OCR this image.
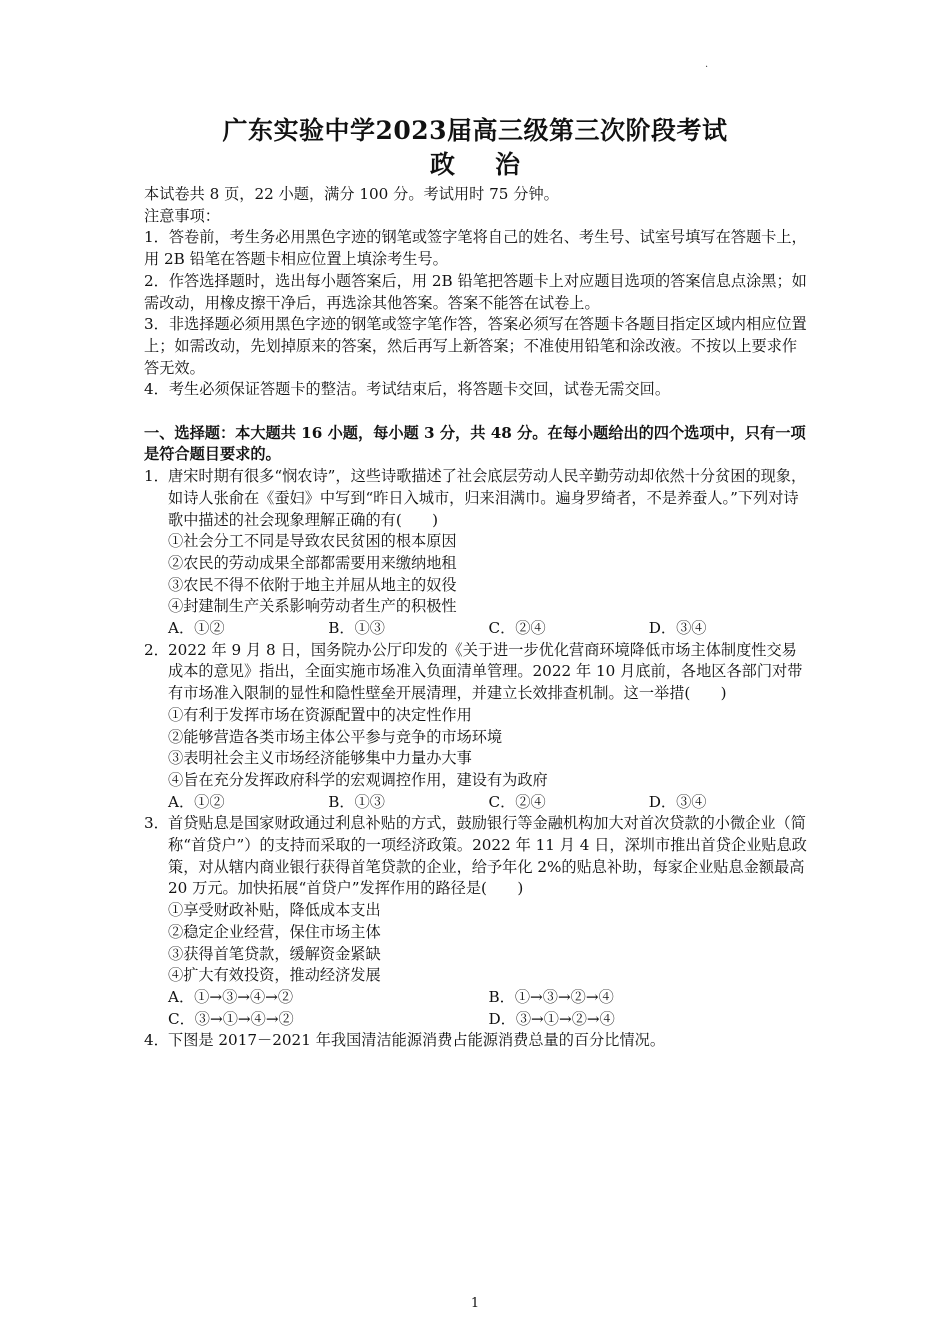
·
广东实验中学2023届高三级第三次阶段考试
政 治

本试卷共 8 页，22 小题，满分 100 分。考试用时 75 分钟。

注意事项：

1．答卷前，考生务必用黑色字迹的钢笔或签字笔将自己的姓名、考生号、试室号填写在答题卡上，用 2B 铅笔在答题卡相应位置上填涂考生号。

2．作答选择题时，选出每小题答案后，用 2B 铅笔把答题卡上对应题目选项的答案信息点涂黑；如需改动，用橡皮擦干净后，再选涂其他答案。答案不能答在试卷上。

3．非选择题必须用黑色字迹的钢笔或签字笔作答，答案必须写在答题卡各题目指定区域内相应位置上；如需改动，先划掉原来的答案，然后再写上新答案；不准使用铅笔和涂改液。不按以上要求作答无效。

4．考生必须保证答题卡的整洁。考试结束后，将答题卡交回，试卷无需交回。

一、选择题：本大题共 16 小题，每小题 3 分，共 48 分。在每小题给出的四个选项中，只有一项是符合题目要求的。

1． 唐宋时期有很多“悯农诗”，这些诗歌描述了社会底层劳动人民辛勤劳动却依然十分贫困的现象，如诗人张俞在《蚕妇》中写到“昨日入城市，归来泪满巾。遍身罗绮者，不是养蚕人。”下列对诗歌中描述的社会现象理解正确的有(　　)

①社会分工不同是导致农民贫困的根本原因

②农民的劳动成果全部都需要用来缴纳地租

③农民不得不依附于地主并屈从地主的奴役

④封建制生产关系影响劳动者生产的积极性

A．①②	B．①③	C．②④	D．③④
2． 2022 年 9 月 8 日，国务院办公厅印发的《关于进一步优化营商环境降低市场主体制度性交易成本的意见》指出，全面实施市场准入负面清单管理。2022 年 10 月底前，各地区各部门对带有市场准入限制的显性和隐性壁垒开展清理，并建立长效排查机制。这一举措(　　)

①有利于发挥市场在资源配置中的决定性作用

②能够营造各类市场主体公平参与竞争的市场环境

③表明社会主义市场经济能够集中力量办大事

④旨在充分发挥政府科学的宏观调控作用，建设有为政府

A．①②	B．①③	C．②④	D．③④
3． 首贷贴息是国家财政通过利息补贴的方式，鼓励银行等金融机构加大对首次贷款的小微企业（简称“首贷户”）的支持而采取的一项经济政策。2022 年 11 月 4 日，深圳市推出首贷企业贴息政策，对从辖内商业银行获得首笔贷款的企业，给予年化 2%的贴息补助，每家企业贴息金额最高 20 万元。加快拓展“首贷户”发挥作用的路径是(　　)

①享受财政补贴，降低成本支出

②稳定企业经营，保住市场主体

③获得首笔贷款，缓解资金紧缺

④扩大有效投资，推动经济发展

A．①→③→④→②	B．①→③→②→④
C．③→①→④→②	D．③→①→②→④
4． 下图是 2017－2021 年我国清洁能源消费占能源消费总量的百分比情况。
1
